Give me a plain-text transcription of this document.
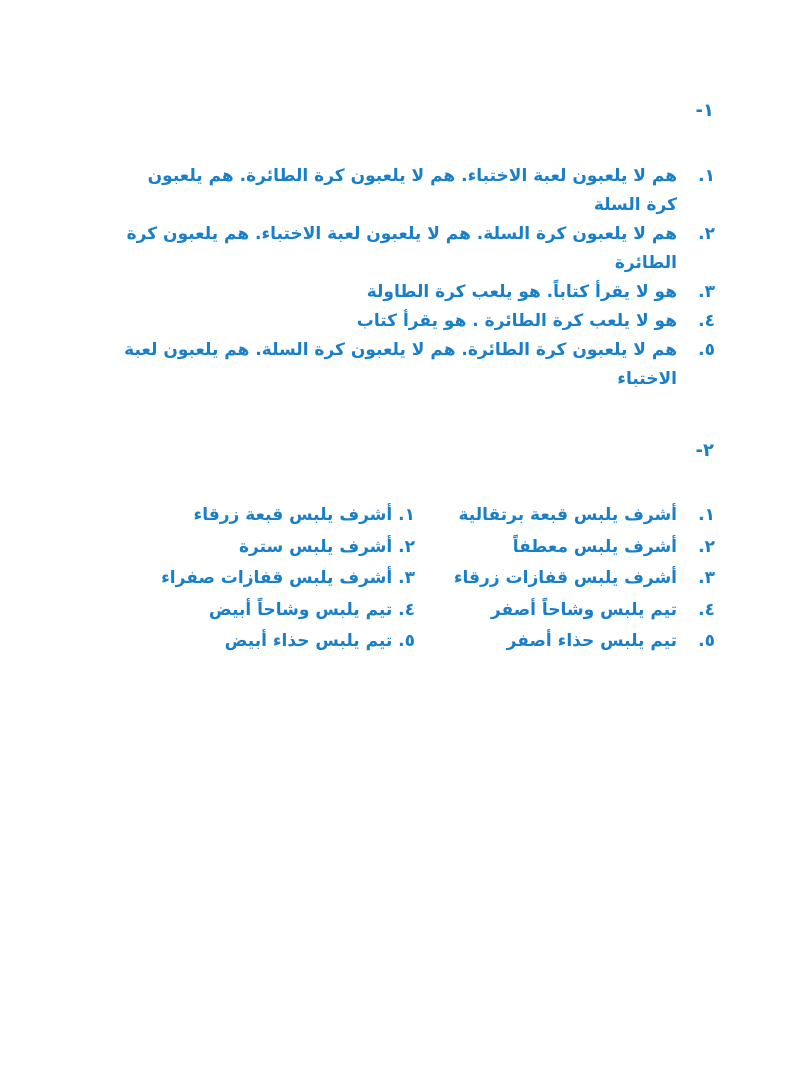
-١
١.
هم لا يلعبون لعبة الاختباء. هم لا يلعبون كرة الطائرة. هم يلعبون كرة السلة
٢.
هم لا يلعبون كرة السلة. هم لا يلعبون لعبة الاختباء. هم يلعبون كرة الطائرة
٣.
هو لا يقرأ كتاباً. هو يلعب كرة الطاولة
٤.
هو لا يلعب كرة الطائرة . هو يقرأ كتاب
٥.
هم لا يلعبون كرة الطائرة. هم لا يلعبون كرة السلة. هم يلعبون لعبة الاختباء
-٢
١.
أشرف يلبس قبعة برتقالية
٢.
أشرف يلبس معطفاً
٣.
أشرف يلبس قفازات زرقاء
٤.
تيم يلبس وشاحاً أصفر
٥.
تيم يلبس حذاء أصفر
١. أشرف يلبس قبعة زرقاء
٢. أشرف يلبس سترة
٣. أشرف يلبس قفازات صفراء
٤. تيم يلبس وشاحاً أبيض
٥. تيم يلبس حذاء أبيض
